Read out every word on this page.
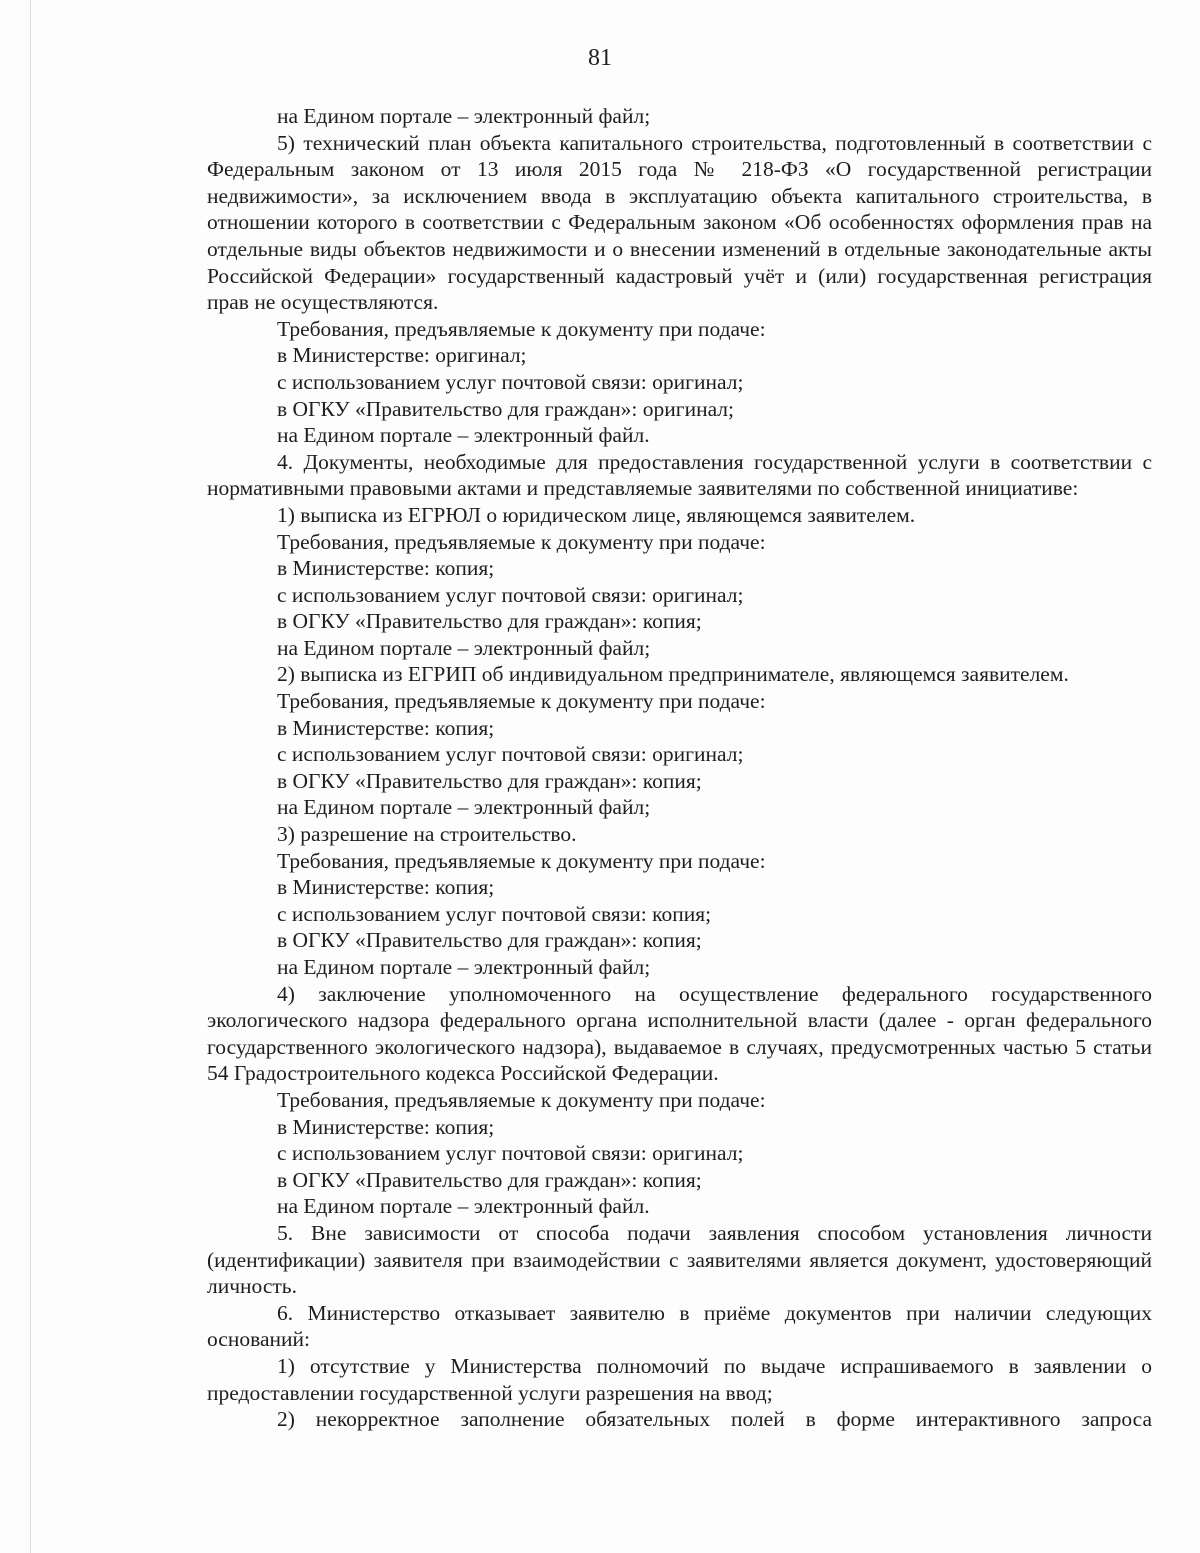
81

на Едином портале – электронный файл;

5) технический план объекта капитального строительства, подготовленный в соответствии с Федеральным законом от 13 июля 2015 года № 218-ФЗ «О государственной регистрации недвижимости», за исключением ввода в эксплуатацию объекта капитального строительства, в отношении которого в соответствии с Федеральным законом «Об особенностях оформления прав на отдельные виды объектов недвижимости и о внесении изменений в отдельные законодательные акты Российской Федерации» государственный кадастровый учёт и (или) государственная регистрация прав не осуществляются.

Требования, предъявляемые к документу при подаче:

в Министерстве: оригинал;

с использованием услуг почтовой связи: оригинал;

в ОГКУ «Правительство для граждан»: оригинал;

на Едином портале – электронный файл.

4. Документы, необходимые для предоставления государственной услуги в соответствии с нормативными правовыми актами и представляемые заявителями по собственной инициативе:

1) выписка из ЕГРЮЛ о юридическом лице, являющемся заявителем.

Требования, предъявляемые к документу при подаче:

в Министерстве: копия;

с использованием услуг почтовой связи: оригинал;

в ОГКУ «Правительство для граждан»: копия;

на Едином портале – электронный файл;

2) выписка из ЕГРИП об индивидуальном предпринимателе, являющемся заявителем.

Требования, предъявляемые к документу при подаче:

в Министерстве: копия;

с использованием услуг почтовой связи: оригинал;

в ОГКУ «Правительство для граждан»: копия;

на Едином портале – электронный файл;

3) разрешение на строительство.

Требования, предъявляемые к документу при подаче:

в Министерстве: копия;

с использованием услуг почтовой связи: копия;

в ОГКУ «Правительство для граждан»: копия;

на Едином портале – электронный файл;

4) заключение уполномоченного на осуществление федерального государственного экологического надзора федерального органа исполнительной власти (далее - орган федерального государственного экологического надзора), выдаваемое в случаях, предусмотренных частью 5 статьи 54 Градостроительного кодекса Российской Федерации.

Требования, предъявляемые к документу при подаче:

в Министерстве: копия;

с использованием услуг почтовой связи: оригинал;

в ОГКУ «Правительство для граждан»: копия;

на Едином портале – электронный файл.

5. Вне зависимости от способа подачи заявления способом установления личности (идентификации) заявителя при взаимодействии с заявителями является документ, удостоверяющий личность.

6. Министерство отказывает заявителю в приёме документов при наличии следующих оснований:

1) отсутствие у Министерства полномочий по выдаче испрашиваемого в заявлении о предоставлении государственной услуги разрешения на ввод;

2) некорректное заполнение обязательных полей в форме интерактивного запроса
